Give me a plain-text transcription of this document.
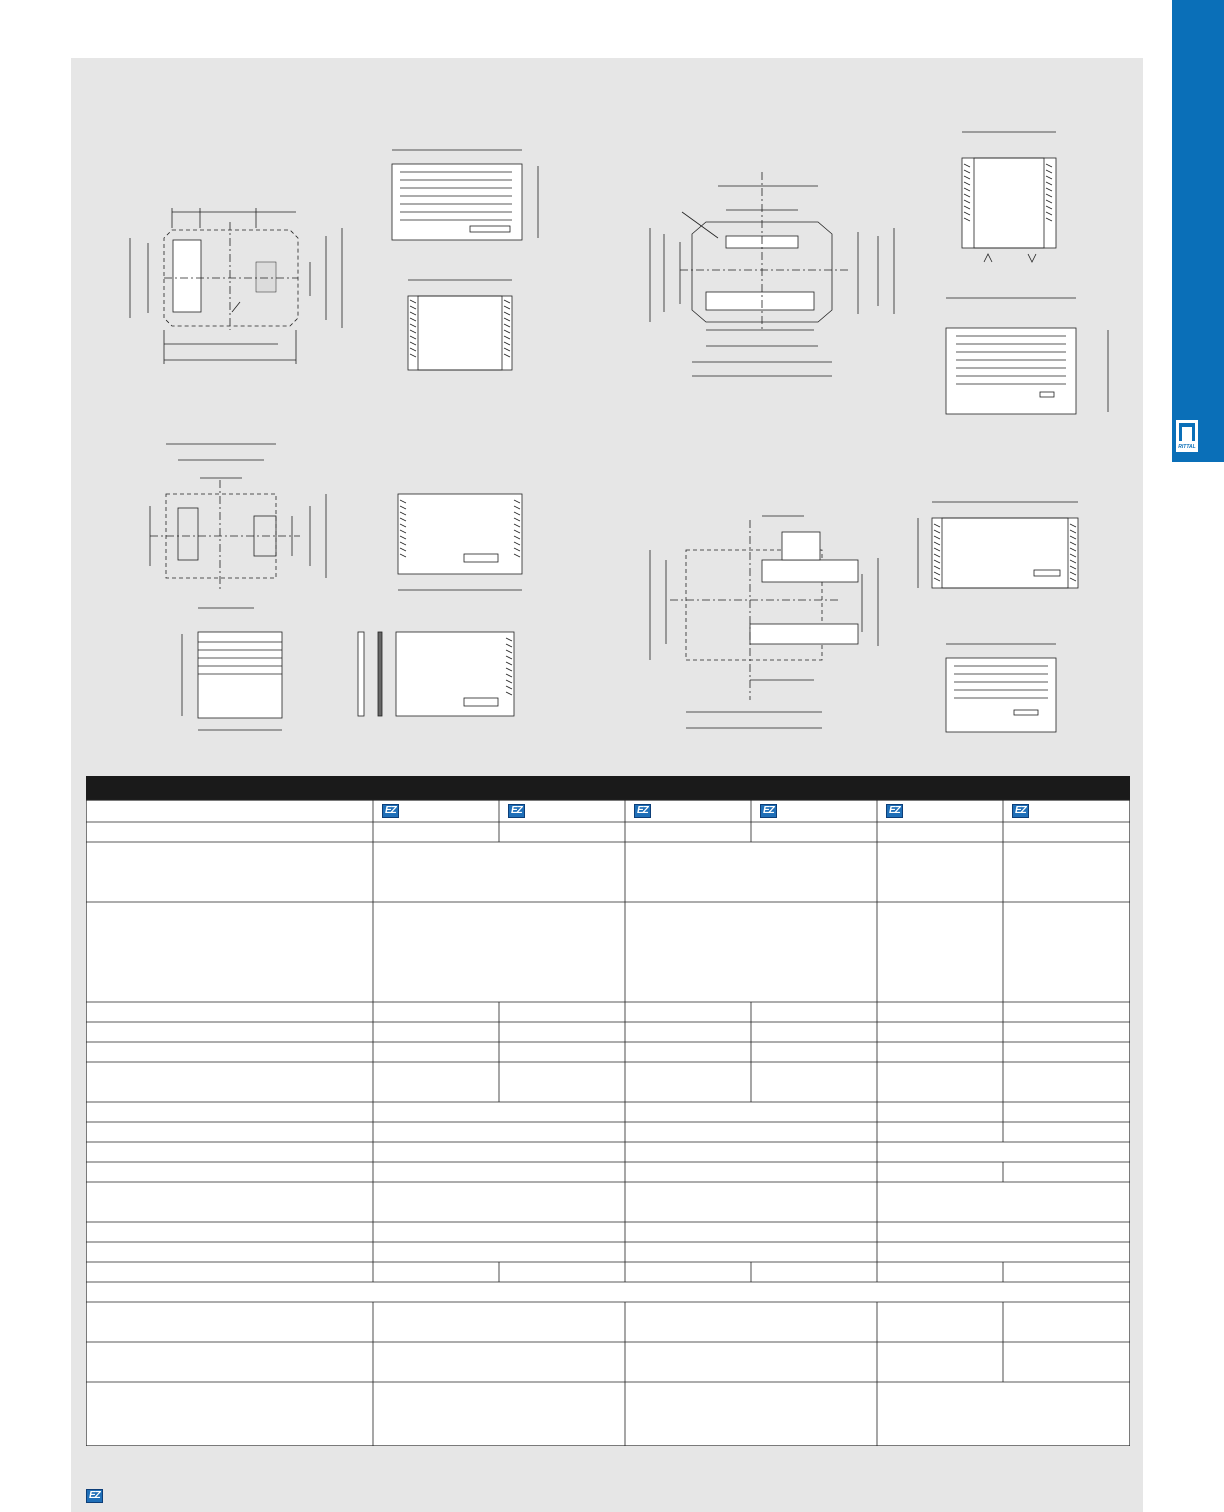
RITTAL
EZ	EZ	EZ	EZ	EZ	EZ
EZ
